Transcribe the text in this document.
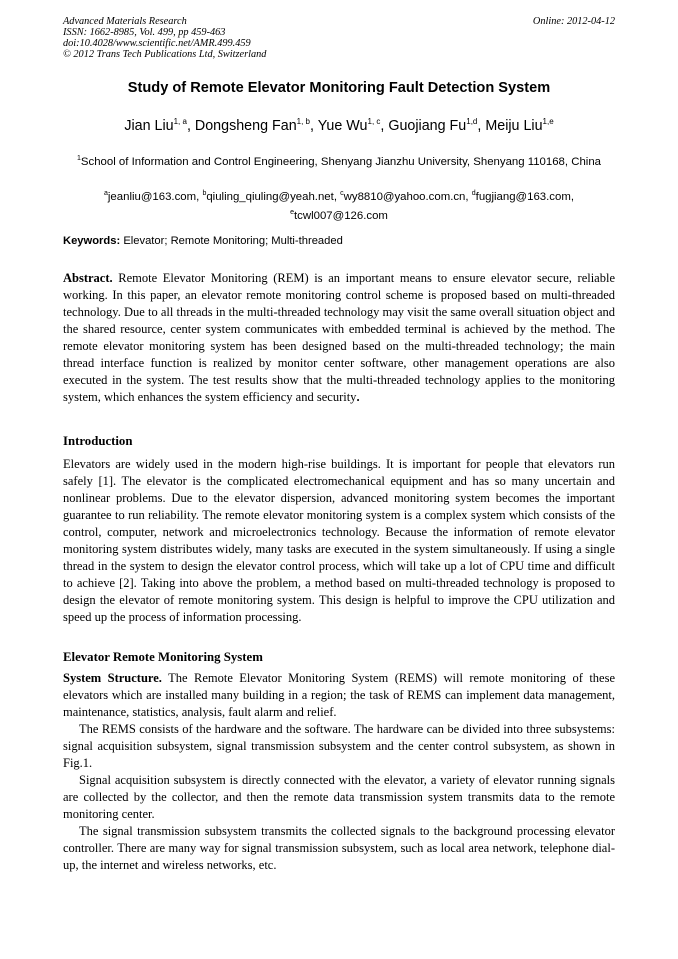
Advanced Materials Research
ISSN: 1662-8985, Vol. 499, pp 459-463
doi:10.4028/www.scientific.net/AMR.499.459
© 2012 Trans Tech Publications Ltd, Switzerland
Online: 2012-04-12
Study of Remote Elevator Monitoring Fault Detection System
Jian Liu$^{1, a}$, Dongsheng Fan$^{1, b}$, Yue Wu$^{1, c}$, Guojiang Fu$^{1,d}$, Meiju Liu$^{1,e}$
$^1$School of Information and Control Engineering, Shenyang Jianzhu University, Shenyang 110168, China
$^a$jeanliu@163.com, $^b$qiuling_qiuling@yeah.net, $^c$wy8810@yahoo.com.cn, $^d$fugjiang@163.com,
$^e$tcwl007@126.com
Keywords: Elevator; Remote Monitoring; Multi-threaded
Abstract. Remote Elevator Monitoring (REM) is an important means to ensure elevator secure, reliable working. In this paper, an elevator remote monitoring control scheme is proposed based on multi-threaded technology. Due to all threads in the multi-threaded technology may visit the same overall situation object and the shared resource, center system communicates with embedded terminal is achieved by the method. The remote elevator monitoring system has been designed based on the multi-threaded technology; the main thread interface function is realized by monitor center software, other management operations are also executed in the system. The test results show that the multi-threaded technology applies to the monitoring system, which enhances the system efficiency and security.
Introduction
Elevators are widely used in the modern high-rise buildings. It is important for people that elevators run safely [1]. The elevator is the complicated electromechanical equipment and has so many uncertain and nonlinear problems. Due to the elevator dispersion, advanced monitoring system becomes the important guarantee to run reliability. The remote elevator monitoring system is a complex system which consists of the control, computer, network and microelectronics technology. Because the information of remote elevator monitoring system distributes widely, many tasks are executed in the system simultaneously. If using a single thread in the system to design the elevator control process, which will take up a lot of CPU time and difficult to achieve [2]. Taking into above the problem, a method based on multi-threaded technology is proposed to design the elevator of remote monitoring system. This design is helpful to improve the CPU utilization and speed up the process of information processing.
Elevator Remote Monitoring System

System Structure. The Remote Elevator Monitoring System (REMS) will remote monitoring of these elevators which are installed many building in a region; the task of REMS can implement data management, maintenance, statistics, analysis, fault alarm and relief.

The REMS consists of the hardware and the software. The hardware can be divided into three subsystems: signal acquisition subsystem, signal transmission subsystem and the center control subsystem, as shown in Fig.1.

Signal acquisition subsystem is directly connected with the elevator, a variety of elevator running signals are collected by the collector, and then the remote data transmission system transmits data to the remote monitoring center.

The signal transmission subsystem transmits the collected signals to the background processing elevator controller. There are many way for signal transmission subsystem, such as local area network, telephone dial-up, the internet and wireless networks, etc.
